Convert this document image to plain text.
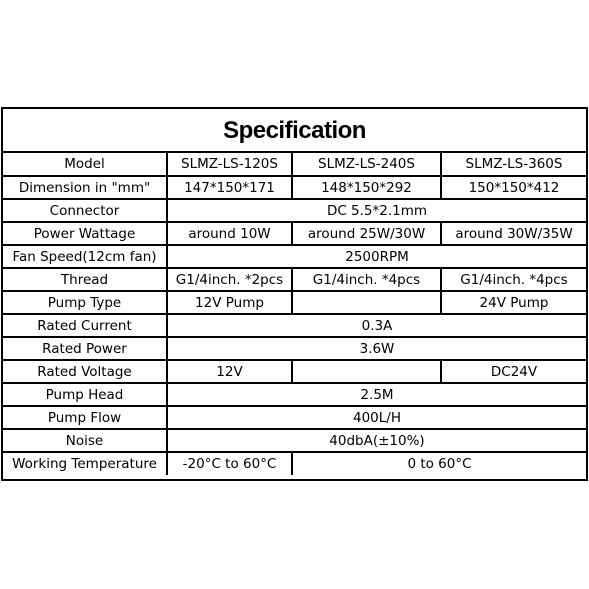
Specification
Model	SLMZ-LS-120S	SLMZ-LS-240S	SLMZ-LS-360S
Dimension in "mm"	147*150*171	148*150*292	150*150*412
Connector	DC 5.5*2.1mm		
Power Wattage	around 10W	around 25W/30W	around 30W/35W
Fan Speed(12cm fan)	2500RPM		
Thread	G1/4inch. *2pcs	G1/4inch. *4pcs	G1/4inch. *4pcs
Pump Type	12V Pump		24V Pump
Rated Current	0.3A		
Rated Power	3.6W		
Rated Voltage	12V		DC24V
Pump Head	2.5M		
Pump Flow	400L/H		
Noise	40dbA(±10%)		
Working Temperature	-20°C to 60°C	0 to 60°C	
